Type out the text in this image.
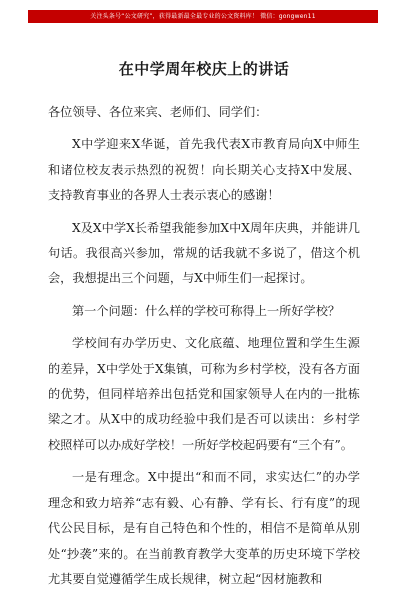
关注头条号“公文研究”，获得最新最全最专业的公文资料库！ 微信：gongwen11
在中学周年校庆上的讲话

各位领导、各位来宾、老师们、同学们：

X中学迎来X华诞，首先我代表X市教育局向X中师生和诸位校友表示热烈的祝贺！向长期关心支持X中发展、支持教育事业的各界人士表示衷心的感谢！

X及X中学X长希望我能参加X中X周年庆典，并能讲几句话。我很高兴参加，常规的话我就不多说了，借这个机会，我想提出三个问题，与X中师生们一起探讨。

第一个问题：什么样的学校可称得上一所好学校？

学校间有办学历史、文化底蕴、地理位置和学生生源的差异，X中学处于X集镇，可称为乡村学校，没有各方面的优势，但同样培养出包括党和国家领导人在内的一批栋梁之才。从X中的成功经验中我们是否可以读出：乡村学校照样可以办成好学校！一所好学校起码要有“三个有”。

一是有理念。X中提出“和而不同，求实达仁”的办学理念和致力培养“志有毅、心有静、学有长、行有度”的现代公民目标，是有自己特色和个性的，相信不是简单从别处“抄袭”来的。在当前教育教学大变革的历史环境下学校尤其要自觉遵循学生成长规律，树立起“因材施教和
